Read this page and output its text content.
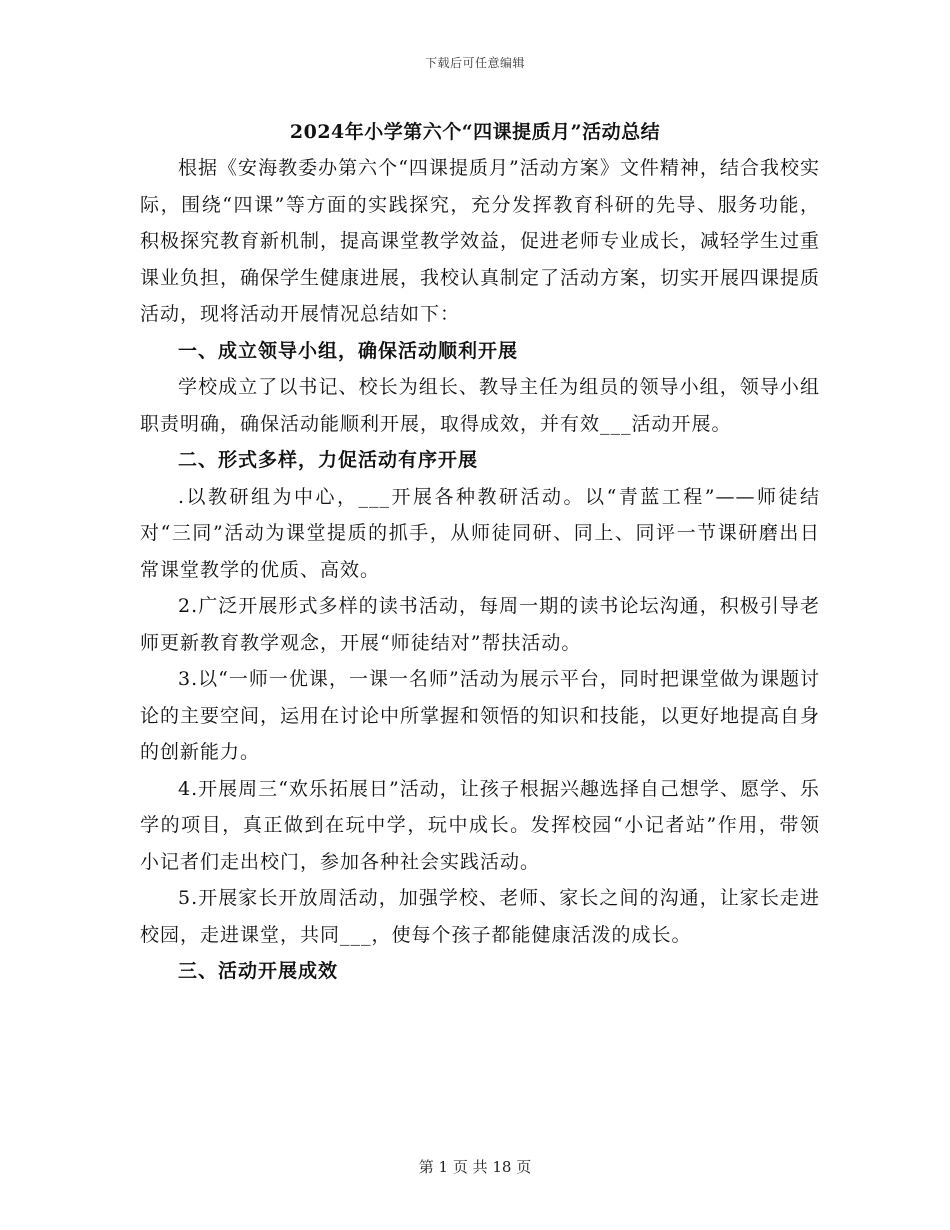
下载后可任意编辑
2024年小学第六个“四课提质月”活动总结

根据《安海教委办第六个“四课提质月”活动方案》文件精神，结合我校实际，围绕“四课”等方面的实践探究，充分发挥教育科研的先导、服务功能，积极探究教育新机制，提高课堂教学效益，促进老师专业成长，减轻学生过重课业负担，确保学生健康进展，我校认真制定了活动方案，切实开展四课提质活动，现将活动开展情况总结如下：

一、成立领导小组，确保活动顺利开展

学校成立了以书记、校长为组长、教导主任为组员的领导小组，领导小组职责明确，确保活动能顺利开展，取得成效，并有效___活动开展。

二、形式多样，力促活动有序开展

.以教研组为中心，___开展各种教研活动。以“青蓝工程”——师徒结对“三同”活动为课堂提质的抓手，从师徒同研、同上、同评一节课研磨出日常课堂教学的优质、高效。

2.广泛开展形式多样的读书活动，每周一期的读书论坛沟通，积极引导老师更新教育教学观念，开展“师徒结对”帮扶活动。

3.以“一师一优课，一课一名师”活动为展示平台，同时把课堂做为课题讨论的主要空间，运用在讨论中所掌握和领悟的知识和技能，以更好地提高自身的创新能力。

4.开展周三“欢乐拓展日”活动，让孩子根据兴趣选择自己想学、愿学、乐学的项目，真正做到在玩中学，玩中成长。发挥校园“小记者站”作用，带领小记者们走出校门，参加各种社会实践活动。

5.开展家长开放周活动，加强学校、老师、家长之间的沟通，让家长走进校园，走进课堂，共同___，使每个孩子都能健康活泼的成长。

三、活动开展成效
第 1 页 共 18 页
